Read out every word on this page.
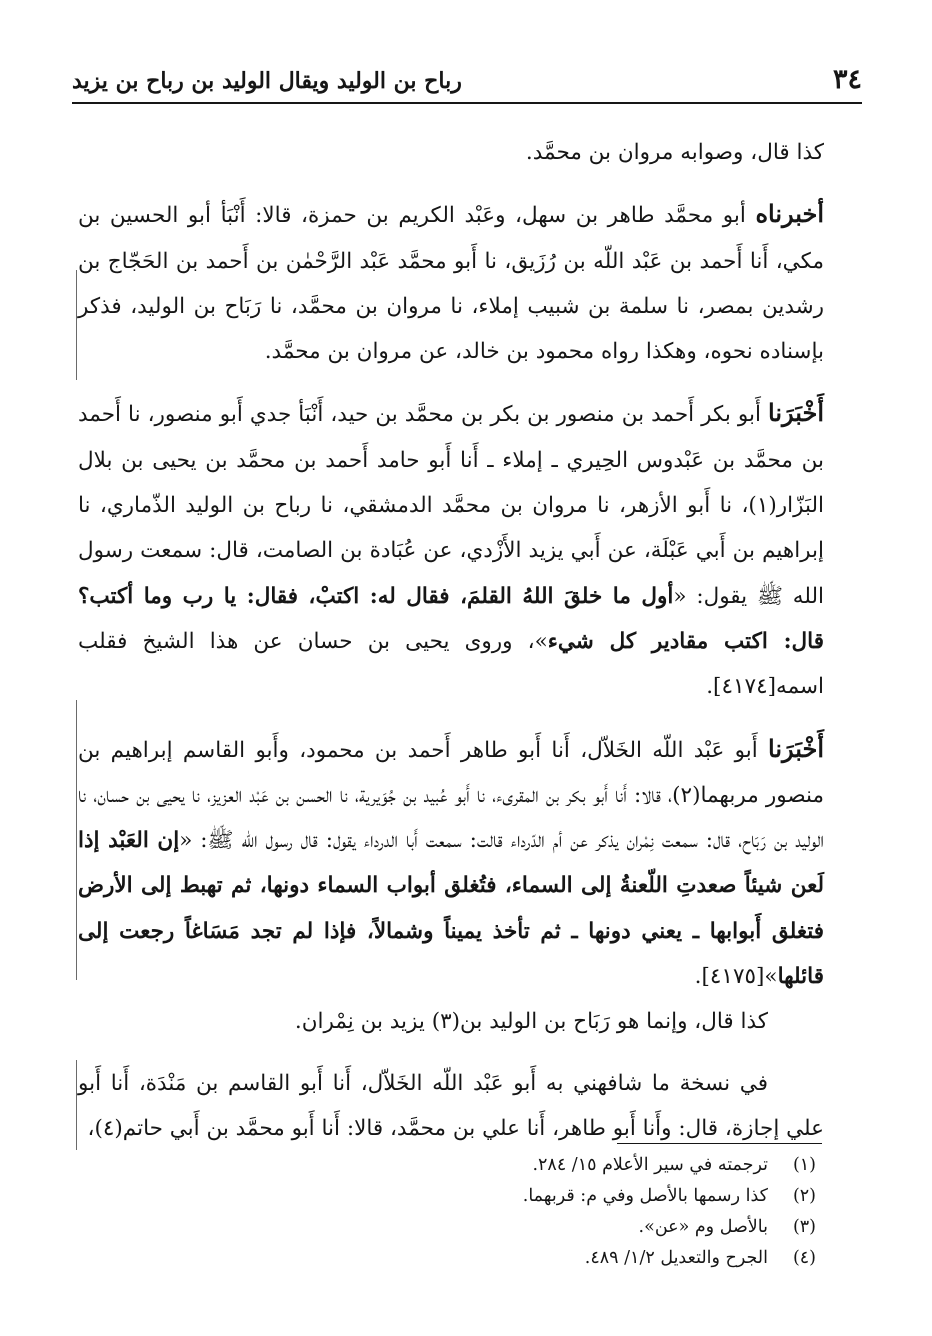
٣٤
رباح بن الوليد ويقال الوليد بن رباح بن يزيد

كذا قال، وصوابه مروان بن محمَّد.

أخبرناه أبو محمَّد طاهر بن سهل، وعَبْد الكريم بن حمزة، قالا: أَنْبَأ أبو الحسين بن مكي، أَنا أَحمد بن عَبْد اللّه بن رُزَيق، نا أَبو محمَّد عَبْد الرَّحْمٰن بن أَحمد بن الحَجّاج بن رشدين بمصر، نا سلمة بن شبيب إملاء، نا مروان بن محمَّد، نا رَبَاح بن الوليد، فذكر بإسناده نحوه، وهكذا رواه محمود بن خالد، عن مروان بن محمَّد.

أَخْبَرَنا أَبو بكر أَحمد بن منصور بن بكر بن محمَّد بن حيد، أَنْبَأ جدي أَبو منصور، نا أَحمد بن محمَّد بن عَبْدوس الحِيري ـ إملاء ـ أَنا أَبو حامد أَحمد بن محمَّد بن يحيى بن بلال البَزّار(١)، نا أَبو الأزهر، نا مروان بن محمَّد الدمشقي، نا رباح بن الوليد الذّماري، نا إبراهيم بن أَبي عَبْلَة، عن أَبي يزيد الأَزْدي، عن عُبَادة بن الصامت، قال: سمعت رسول الله ﷺ يقول: «أول ما خلقَ اللهُ القلمَ، فقال له: اكتبْ، فقال: يا رب وما أكتب؟ قال: اكتب مقادير كل شيء»، وروى يحيى بن حسان عن هذا الشيخ فقلب اسمه[٤١٧٤].

أَخْبَرَنا أَبو عَبْد اللّه الخَلاّل، أَنا أَبو طاهر أَحمد بن محمود، وأَبو القاسم إبراهيم بن منصور مربهما(٢)، قالا: أَنا أَبو بكر بن المقرىء، نا أَبو عُبيد بن جُوَيرية، نا الحسن بن عَبْد العزيز، نا يحيى بن حسان، نا الوليد بن رَبَاح، قال: سمعت نِمْران يذكر عن أم الدّرداء قالت: سمعت أَبا الدرداء يقول: قال رسول الله ﷺ: «إن العَبْد إذا لَعن شيئاً صعدتِ اللّعنةُ إلى السماء، فتُغلق أبواب السماء دونها، ثم تهبط إلى الأرض فتغلق أَبوابها ـ يعني دونها ـ ثم تأخذ يميناً وشمالاً، فإذا لم تجد مَسَاغاً رجعت إلى قائلها»[٤١٧٥].

كذا قال، وإنما هو رَبَاح بن الوليد بن(٣) يزيد بن نِمْران.

في نسخة ما شافهني به أَبو عَبْد اللّه الخَلاّل، أَنا أَبو القاسم بن مَنْدَة، أَنا أَبو علي إجازة، قال: وأَنا أَبو طاهر، أَنا علي بن محمَّد، قالا: أَنا أَبو محمَّد بن أَبي حاتم(٤)،

(١)ترجمته في سير الأعلام ١٥/ ٢٨٤.
(٢)كذا رسمها بالأصل وفي م: قربهما.
(٣)بالأصل وم «عن».
(٤)الجرح والتعديل ١/٢/ ٤٨٩.
